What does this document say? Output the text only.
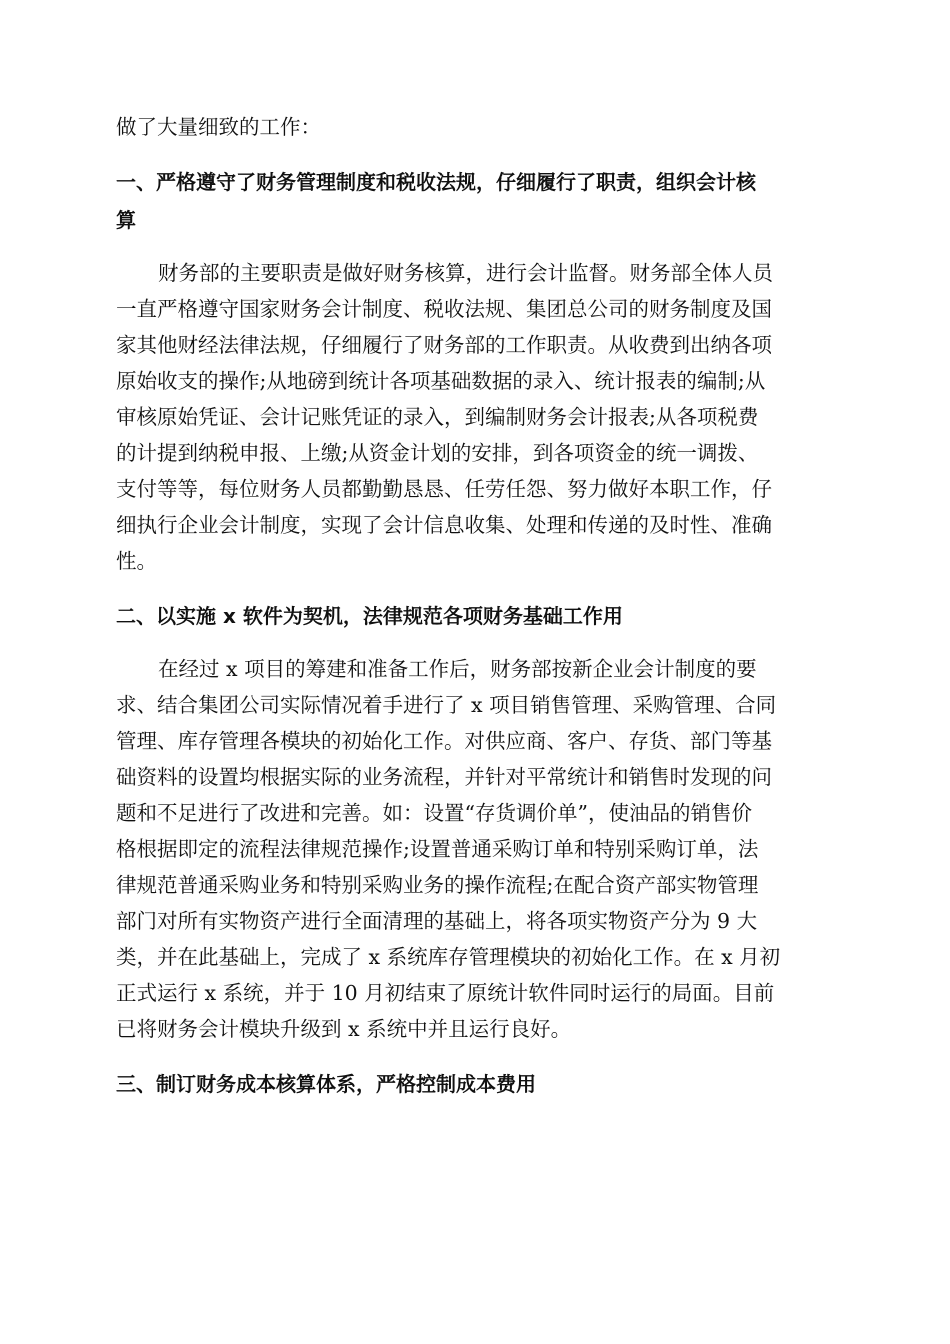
做了大量细致的工作：

一、严格遵守了财务管理制度和税收法规，仔细履行了职责，组织会计核
算
财务部的主要职责是做好财务核算，进行会计监督。财务部全体人员
一直严格遵守国家财务会计制度、税收法规、集团总公司的财务制度及国
家其他财经法律法规，仔细履行了财务部的工作职责。从收费到出纳各项
原始收支的操作;从地磅到统计各项基础数据的录入、统计报表的编制;从
审核原始凭证、会计记账凭证的录入，到编制财务会计报表;从各项税费
的计提到纳税申报、上缴;从资金计划的安排，到各项资金的统一调拨、
支付等等，每位财务人员都勤勤恳恳、任劳任怨、努力做好本职工作，仔
细执行企业会计制度，实现了会计信息收集、处理和传递的及时性、准确
性。
二、以实施 x 软件为契机，法律规范各项财务基础工作用
在经过 x 项目的筹建和准备工作后，财务部按新企业会计制度的要
求、结合集团公司实际情况着手进行了 x 项目销售管理、采购管理、合同
管理、库存管理各模块的初始化工作。对供应商、客户、存货、部门等基
础资料的设置均根据实际的业务流程，并针对平常统计和销售时发现的问
题和不足进行了改进和完善。如：设置“存货调价单”，使油品的销售价
格根据即定的流程法律规范操作;设置普通采购订单和特别采购订单，法
律规范普通采购业务和特别采购业务的操作流程;在配合资产部实物管理
部门对所有实物资产进行全面清理的基础上，将各项实物资产分为 9 大
类，并在此基础上，完成了 x 系统库存管理模块的初始化工作。在 x 月初
正式运行 x 系统，并于 10 月初结束了原统计软件同时运行的局面。目前
已将财务会计模块升级到 x 系统中并且运行良好。
三、制订财务成本核算体系，严格控制成本费用
